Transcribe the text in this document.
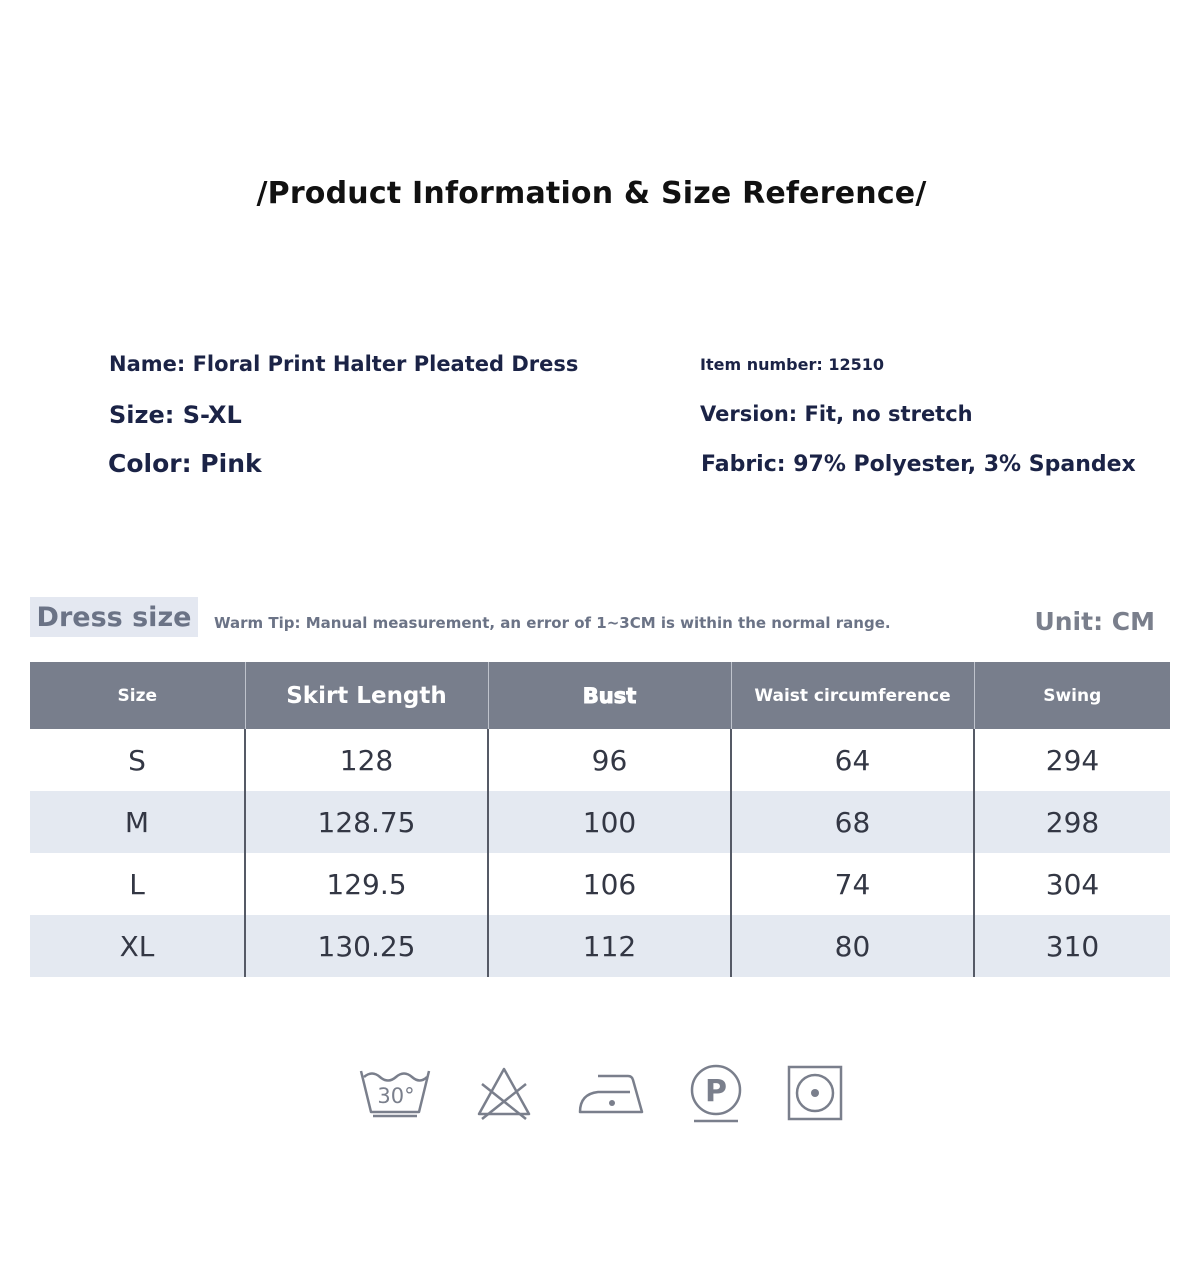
/Product Information & Size Reference/
Name: Floral Print Halter Pleated Dress	Item number: 12510
Size: S-XL	Version: Fit, no stretch
Color: Pink	Fabric: 97% Polyester, 3% Spandex
Dress size	Warm Tip: Manual measurement, an error of 1~3CM is within the normal range.	Unit: CM
Size	Skirt Length	Bust	Waist circumference	Swing
S	128	96	64	294
M	128.75	100	68	298
L	129.5	106	74	304
XL	130.25	112	80	310
30°	P
